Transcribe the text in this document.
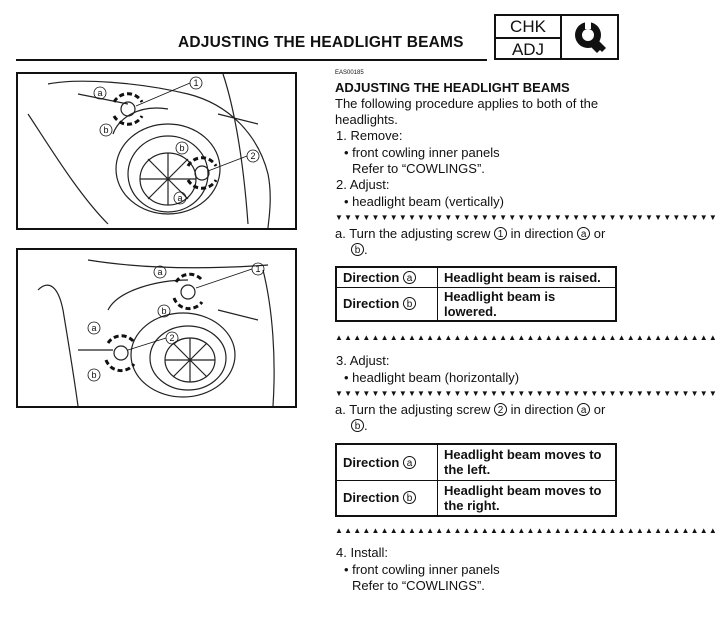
ADJUSTING THE HEADLIGHT BEAMS
CHK
ADJ
a
b
1
b
2
a
a	1
b
2
a
b
EAS00185
ADJUSTING THE HEADLIGHT BEAMS
The following procedure applies to both of the
headlights.
1. Remove:
• front cowling inner panels
Refer to “COWLINGS”.
2. Adjust:
• headlight beam (vertically)
▼▼▼▼▼▼▼▼▼▼▼▼▼▼▼▼▼▼▼▼▼▼▼▼▼▼▼▼▼▼▼▼▼▼▼▼▼▼▼▼▼▼
a. Turn the adjusting screw 1 in direction a or
b .
Direction a	Headlight beam is raised.
Direction b	Headlight beam is lowered.
▲▲▲▲▲▲▲▲▲▲▲▲▲▲▲▲▲▲▲▲▲▲▲▲▲▲▲▲▲▲▲▲▲▲▲▲▲▲▲▲▲▲
3. Adjust:
• headlight beam (horizontally)
▼▼▼▼▼▼▼▼▼▼▼▼▼▼▼▼▼▼▼▼▼▼▼▼▼▼▼▼▼▼▼▼▼▼▼▼▼▼▼▼▼▼
a. Turn the adjusting screw 2 in direction a or
b .
Direction a	Headlight beam moves to the left.
Direction b	Headlight beam moves to the right.
▲▲▲▲▲▲▲▲▲▲▲▲▲▲▲▲▲▲▲▲▲▲▲▲▲▲▲▲▲▲▲▲▲▲▲▲▲▲▲▲▲▲
4. Install:
• front cowling inner panels
Refer to “COWLINGS”.
